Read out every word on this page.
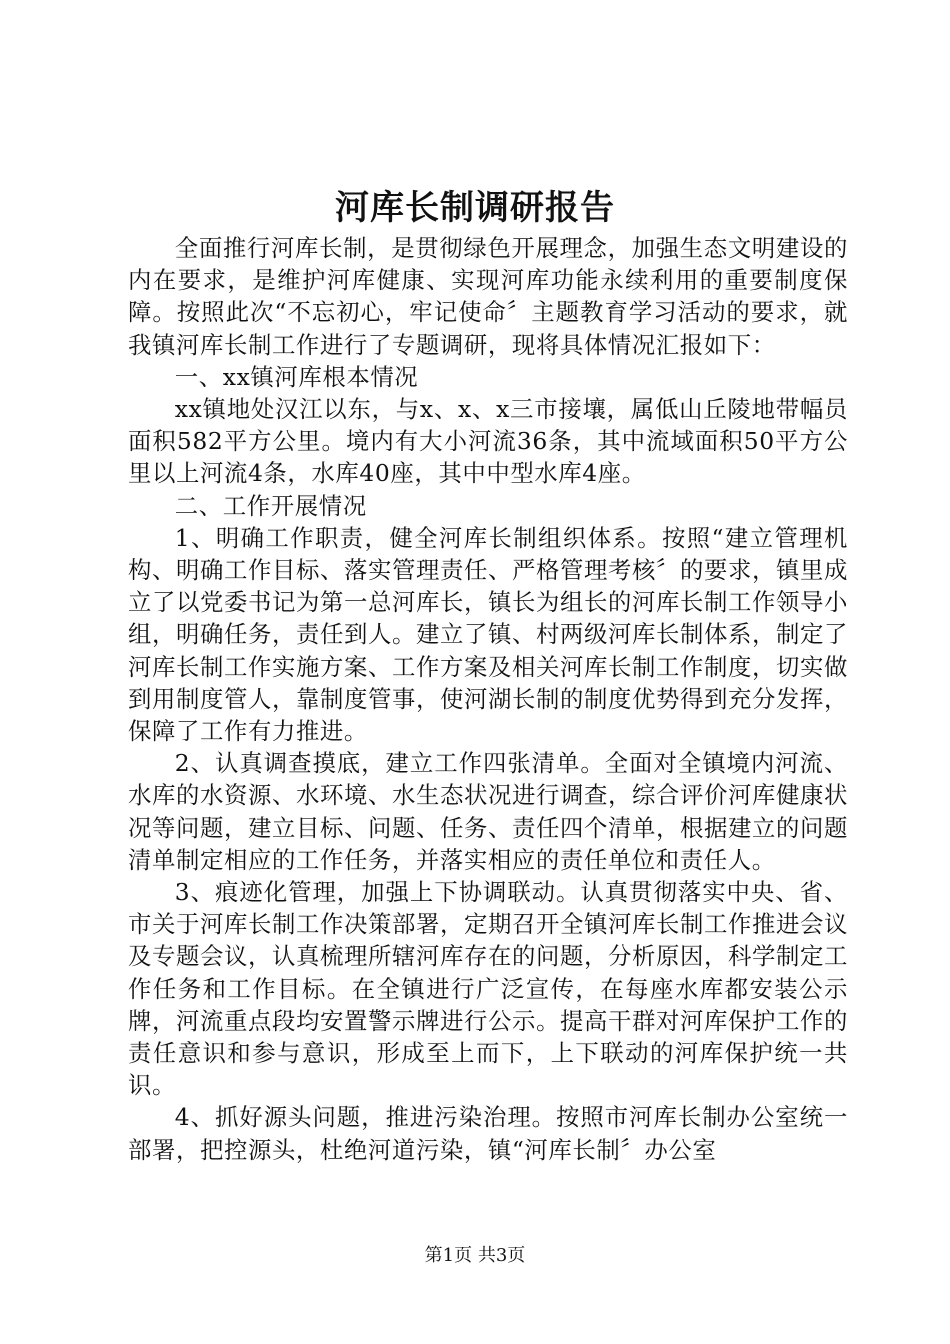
河库长制调研报告

全面推行河库长制，是贯彻绿色开展理念，加强生态文明建设的内在要求，是维护河库健康、实现河库功能永续利用的重要制度保障。按照此次“不忘初心，牢记使命〞主题教育学习活动的要求，就我镇河库长制工作进行了专题调研，现将具体情况汇报如下：

一、xx镇河库根本情况

xx镇地处汉江以东，与x、x、x三市接壤，属低山丘陵地带幅员面积582平方公里。境内有大小河流36条，其中流域面积50平方公里以上河流4条，水库40座，其中中型水库4座。

二、工作开展情况

1、明确工作职责，健全河库长制组织体系。按照“建立管理机构、明确工作目标、落实管理责任、严格管理考核〞的要求，镇里成立了以党委书记为第一总河库长，镇长为组长的河库长制工作领导小组，明确任务，责任到人。建立了镇、村两级河库长制体系，制定了河库长制工作实施方案、工作方案及相关河库长制工作制度，切实做到用制度管人，靠制度管事，使河湖长制的制度优势得到充分发挥，保障了工作有力推进。

2、认真调查摸底，建立工作四张清单。全面对全镇境内河流、水库的水资源、水环境、水生态状况进行调查，综合评价河库健康状况等问题，建立目标、问题、任务、责任四个清单，根据建立的问题清单制定相应的工作任务，并落实相应的责任单位和责任人。

3、痕迹化管理，加强上下协调联动。认真贯彻落实中央、省、市关于河库长制工作决策部署，定期召开全镇河库长制工作推进会议及专题会议，认真梳理所辖河库存在的问题，分析原因，科学制定工作任务和工作目标。在全镇进行广泛宣传，在每座水库都安装公示牌，河流重点段均安置警示牌进行公示。提高干群对河库保护工作的责任意识和参与意识，形成至上而下，上下联动的河库保护统一共识。

4、抓好源头问题，推进污染治理。按照市河库长制办公室统一部署，把控源头，杜绝河道污染，镇“河库长制〞办公室

第1页 共3页
